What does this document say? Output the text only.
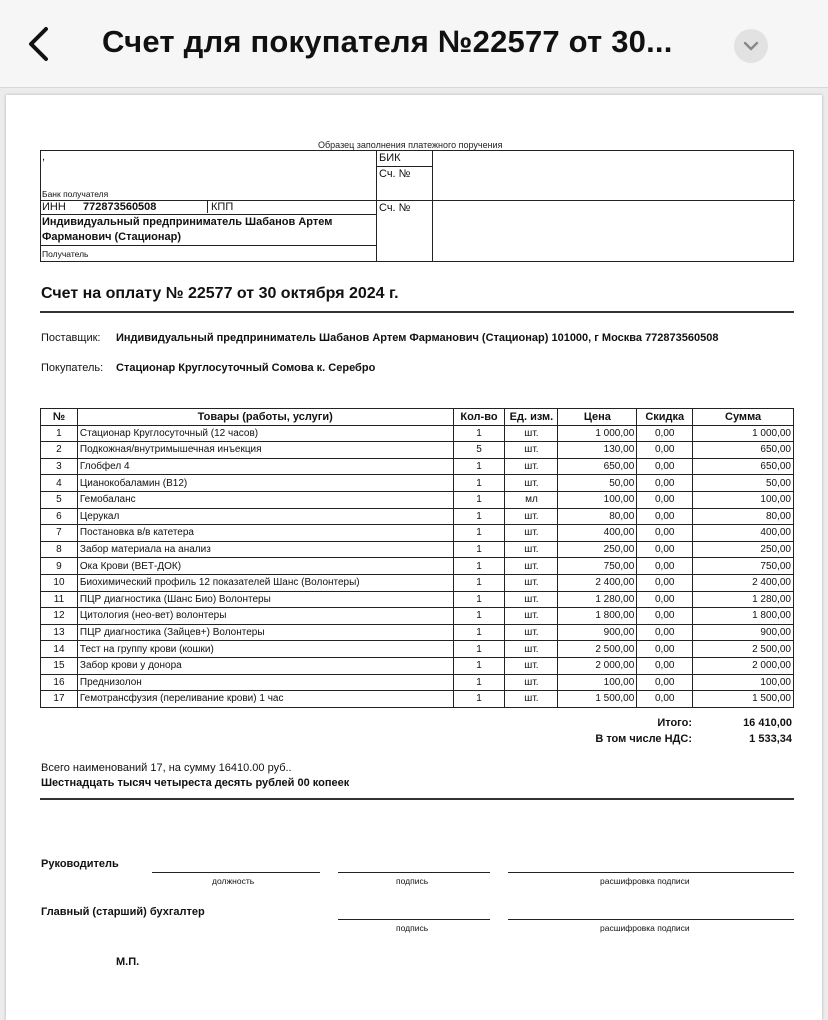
Счет для покупателя №22577 от 30...
Образец заполнения платежного поручения
,	БИК
Сч. №
Банк получателя
ИНН 772873560508	КПП	Сч. №
Индивидуальный предприниматель Шабанов Артем
Фарманович (Стационар)
Получатель
Счет на оплату № 22577 от 30 октября 2024 г.
Поставщик: Индивидуальный предприниматель Шабанов Артем Фарманович (Стационар) 101000, г Москва 772873560508
Покупатель: Стационар Круглосуточный Сомова к. Серебро
№	Товары (работы, услуги)	Кол-во	Ед. изм.	Цена	Скидка	Сумма
1	Стационар Круглосуточный (12 часов)	1	шт.	1 000,00	0,00	1 000,00
2	Подкожная/внутримышечная инъекция	5	шт.	130,00	0,00	650,00
3	Глобфел 4	1	шт.	650,00	0,00	650,00
4	Цианокобаламин (B12)	1	шт.	50,00	0,00	50,00
5	Гемобаланс	1	мл	100,00	0,00	100,00
6	Церукал	1	шт.	80,00	0,00	80,00
7	Постановка в/в катетера	1	шт.	400,00	0,00	400,00
8	Забор материала на анализ	1	шт.	250,00	0,00	250,00
9	Ока Крови (ВЕТ-ДОК)	1	шт.	750,00	0,00	750,00
10	Биохимический профиль 12 показателей Шанс (Волонтеры)	1	шт.	2 400,00	0,00	2 400,00
11	ПЦР диагностика (Шанс Био) Волонтеры	1	шт.	1 280,00	0,00	1 280,00
12	Цитология (нео-вет) волонтеры	1	шт.	1 800,00	0,00	1 800,00
13	ПЦР диагностика (Зайцев+) Волонтеры	1	шт.	900,00	0,00	900,00
14	Тест на группу крови (кошки)	1	шт.	2 500,00	0,00	2 500,00
15	Забор крови у донора	1	шт.	2 000,00	0,00	2 000,00
16	Преднизолон	1	шт.	100,00	0,00	100,00
17	Гемотрансфузия (переливание крови) 1 час	1	шт.	1 500,00	0,00	1 500,00
Итого:	16 410,00
В том числе НДС:	1 533,34
Всего наименований 17, на сумму 16410.00 руб..
Шестнадцать тысяч четыреста десять рублей 00 копеек
Руководитель
должность	подпись	расшифровка подписи
Главный (старший) бухгалтер
подпись	расшифровка подписи
М.П.
